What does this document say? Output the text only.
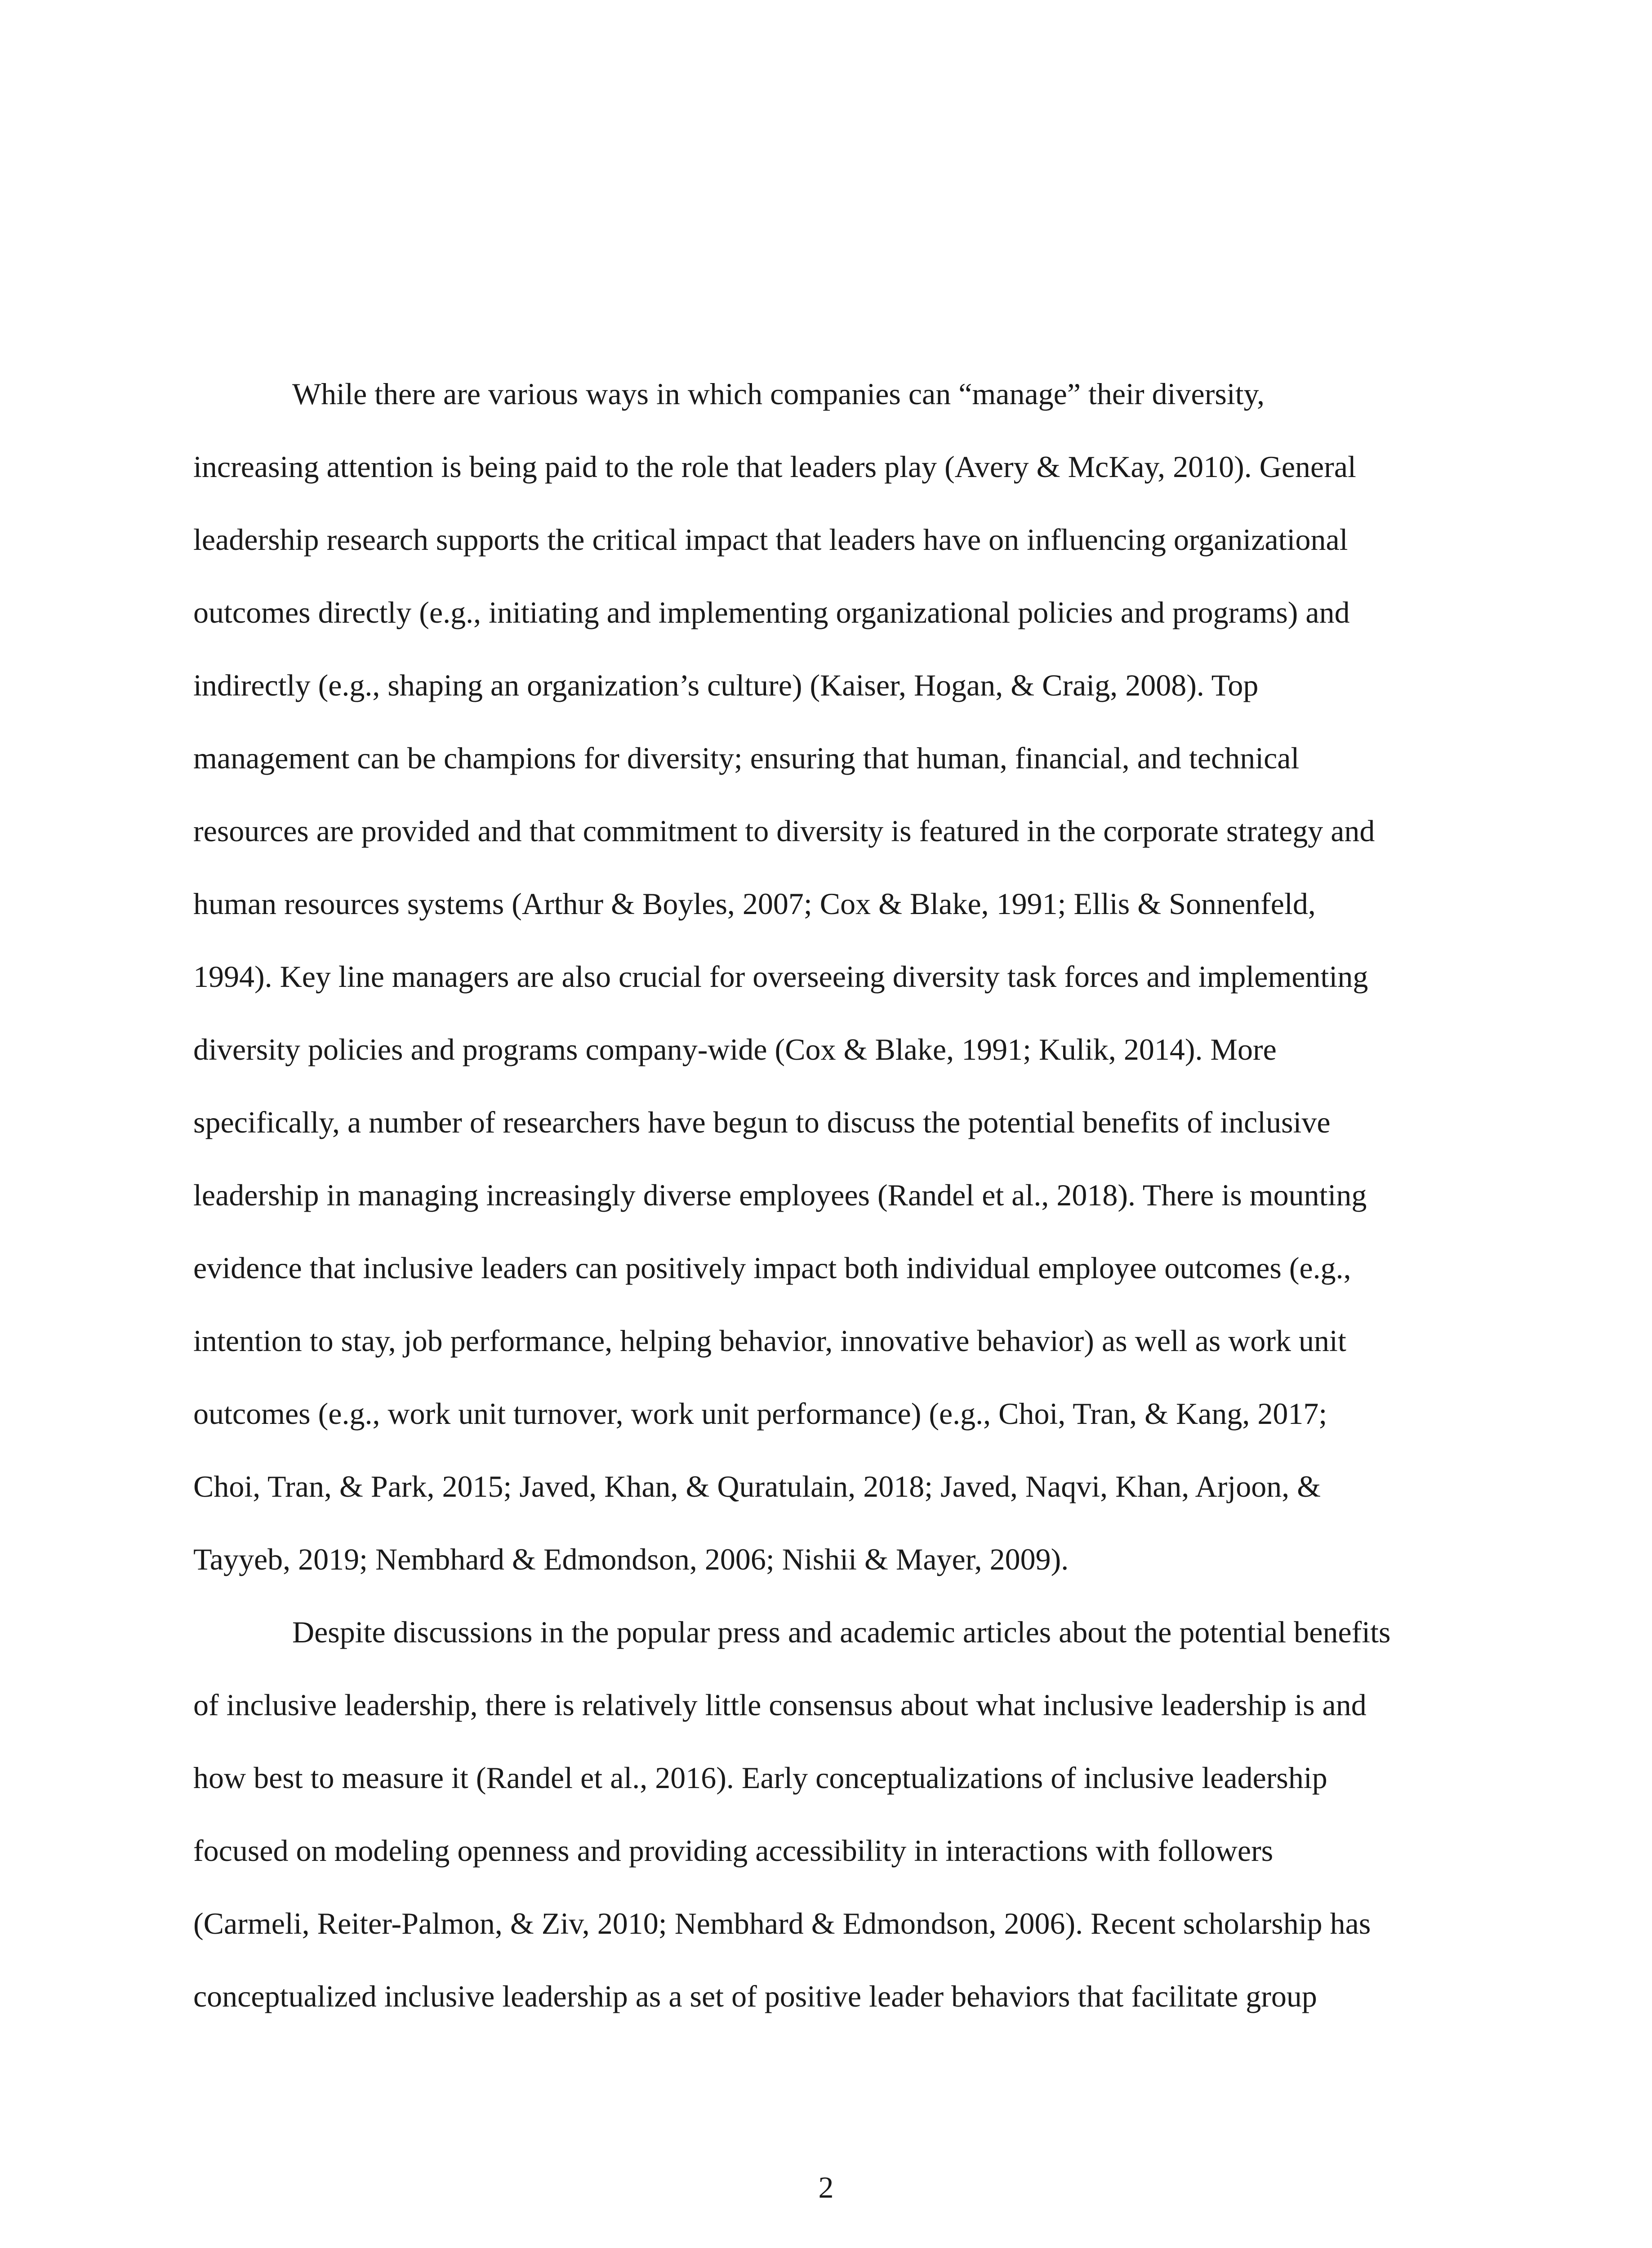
While there are various ways in which companies can “manage” their diversity,
increasing attention is being paid to the role that leaders play (Avery & McKay, 2010). General
leadership research supports the critical impact that leaders have on influencing organizational
outcomes directly (e.g., initiating and implementing organizational policies and programs) and
indirectly (e.g., shaping an organization’s culture) (Kaiser, Hogan, & Craig, 2008). Top
management can be champions for diversity; ensuring that human, financial, and technical
resources are provided and that commitment to diversity is featured in the corporate strategy and
human resources systems (Arthur & Boyles, 2007; Cox & Blake, 1991; Ellis & Sonnenfeld,
1994). Key line managers are also crucial for overseeing diversity task forces and implementing
diversity policies and programs company-wide (Cox & Blake, 1991; Kulik, 2014). More
specifically, a number of researchers have begun to discuss the potential benefits of inclusive
leadership in managing increasingly diverse employees (Randel et al., 2018). There is mounting
evidence that inclusive leaders can positively impact both individual employee outcomes (e.g.,
intention to stay, job performance, helping behavior, innovative behavior) as well as work unit
outcomes (e.g., work unit turnover, work unit performance) (e.g., Choi, Tran, & Kang, 2017;
Choi, Tran, & Park, 2015; Javed, Khan, & Quratulain, 2018; Javed, Naqvi, Khan, Arjoon, &
Tayyeb, 2019; Nembhard & Edmondson, 2006; Nishii & Mayer, 2009).
Despite discussions in the popular press and academic articles about the potential benefits
of inclusive leadership, there is relatively little consensus about what inclusive leadership is and
how best to measure it (Randel et al., 2016). Early conceptualizations of inclusive leadership
focused on modeling openness and providing accessibility in interactions with followers
(Carmeli, Reiter-Palmon, & Ziv, 2010; Nembhard & Edmondson, 2006). Recent scholarship has
conceptualized inclusive leadership as a set of positive leader behaviors that facilitate group
2
